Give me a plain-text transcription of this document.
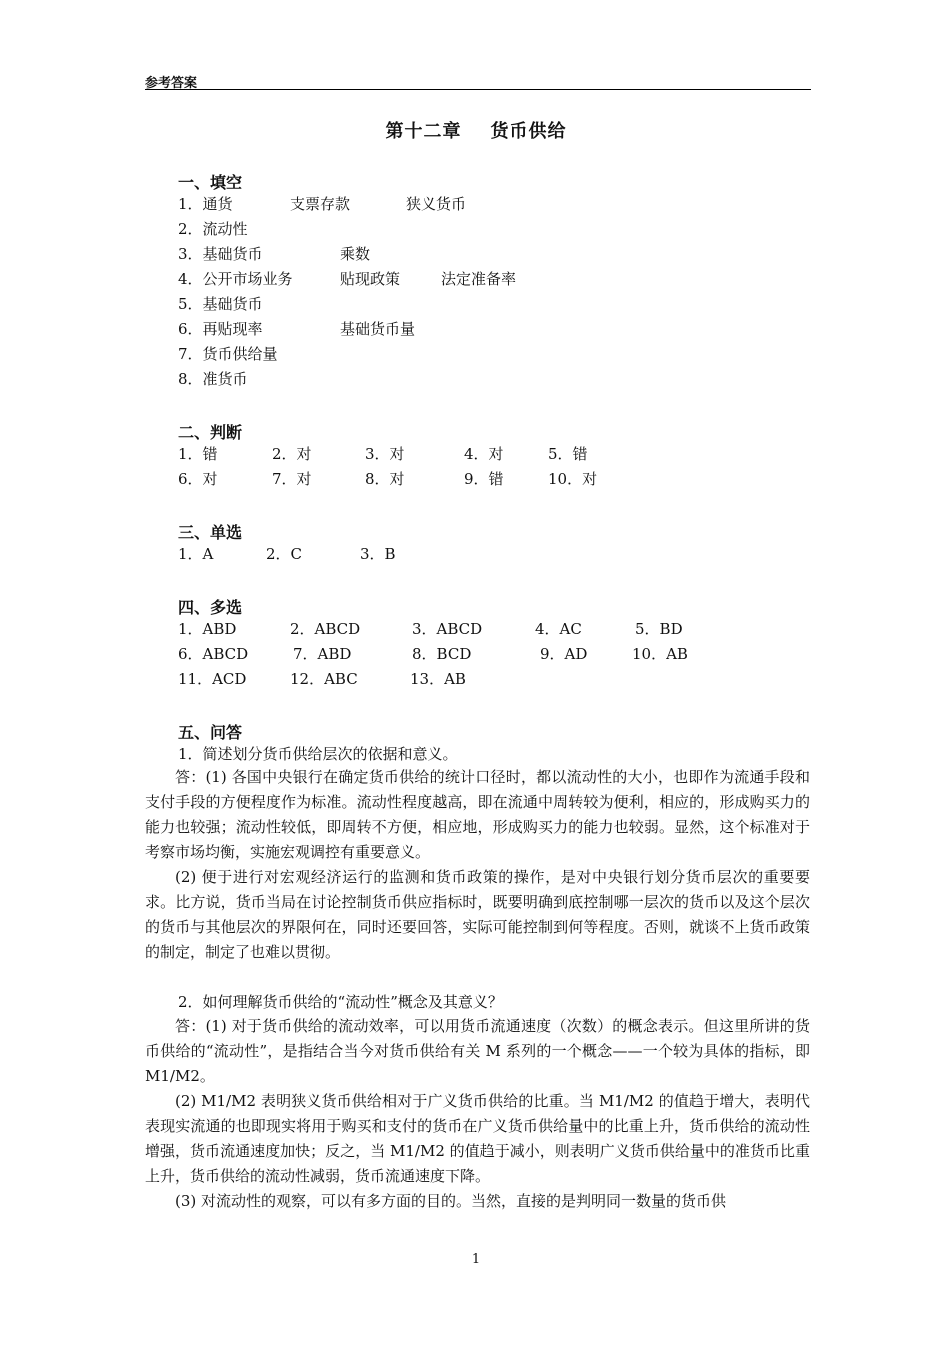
参考答案
第十二章 货币供给
一、填空
1．通货	支票存款	狭义货币
2．流动性
3．基础货币	乘数
4．公开市场业务	贴现政策	法定准备率
5．基础货币
6．再贴现率	基础货币量
7．货币供给量
8．准货币
二、判断
1．错	2．对	3．对	4．对	5．错
6．对	7．对	8．对	9．错	10．对
三、单选
1．A	2．C	3．B
四、多选
1．ABD	2．ABCD	3．ABCD	4．AC	5．BD
6．ABCD	7．ABD	8．BCD	9．AD	10．AB
11．ACD	12．ABC	13．AB
五、问答
1．简述划分货币供给层次的依据和意义。

答：(1) 各国中央银行在确定货币供给的统计口径时，都以流动性的大小，也即作为流通手段和支付手段的方便程度作为标准。流动性程度越高，即在流通中周转较为便利，相应的，形成购买力的能力也较强；流动性较低，即周转不方便，相应地，形成购买力的能力也较弱。显然，这个标准对于考察市场均衡，实施宏观调控有重要意义。

(2) 便于进行对宏观经济运行的监测和货币政策的操作，是对中央银行划分货币层次的重要要求。比方说，货币当局在讨论控制货币供应指标时，既要明确到底控制哪一层次的货币以及这个层次的货币与其他层次的界限何在，同时还要回答，实际可能控制到何等程度。否则，就谈不上货币政策的制定，制定了也难以贯彻。

2．如何理解货币供给的“流动性”概念及其意义？

答：(1) 对于货币供给的流动效率，可以用货币流通速度（次数）的概念表示。但这里所讲的货币供给的“流动性”，是指结合当今对货币供给有关 M 系列的一个概念——一个较为具体的指标，即 M1/M2。

(2) M1/M2 表明狭义货币供给相对于广义货币供给的比重。当 M1/M2 的值趋于增大，表明代表现实流通的也即现实将用于购买和支付的货币在广义货币供给量中的比重上升，货币供给的流动性增强，货币流通速度加快；反之，当 M1/M2 的值趋于减小，则表明广义货币供给量中的准货币比重上升，货币供给的流动性减弱，货币流通速度下降。

(3) 对流动性的观察，可以有多方面的目的。当然，直接的是判明同一数量的货币供

1
